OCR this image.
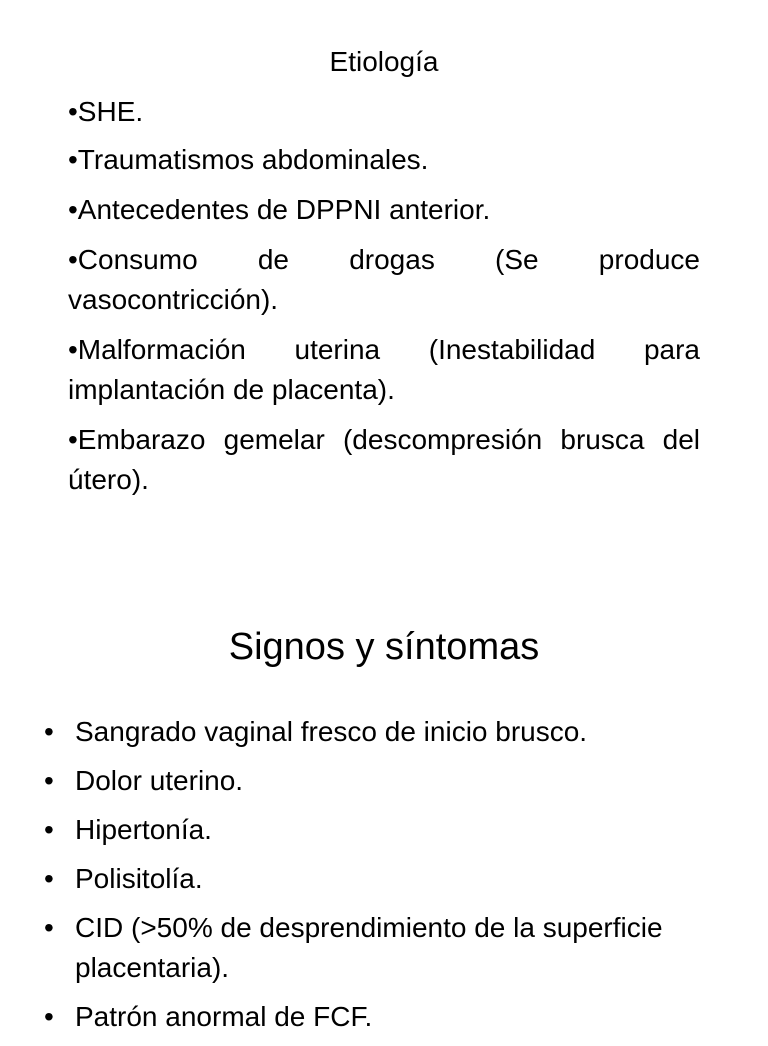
Etiología
•SHE.
•Traumatismos abdominales.
•Antecedentes de DPPNI anterior.
•Consumo de drogas (Se produce vasocontricción).
•Malformación uterina (Inestabilidad para implantación de placenta).
•Embarazo gemelar (descompresión brusca del útero).
Signos y síntomas
• Sangrado vaginal fresco de inicio brusco.
• Dolor uterino.
• Hipertonía.
• Polisitolía.
• CID (>50% de desprendimiento de la superficie placentaria).
• Patrón anormal de FCF.
